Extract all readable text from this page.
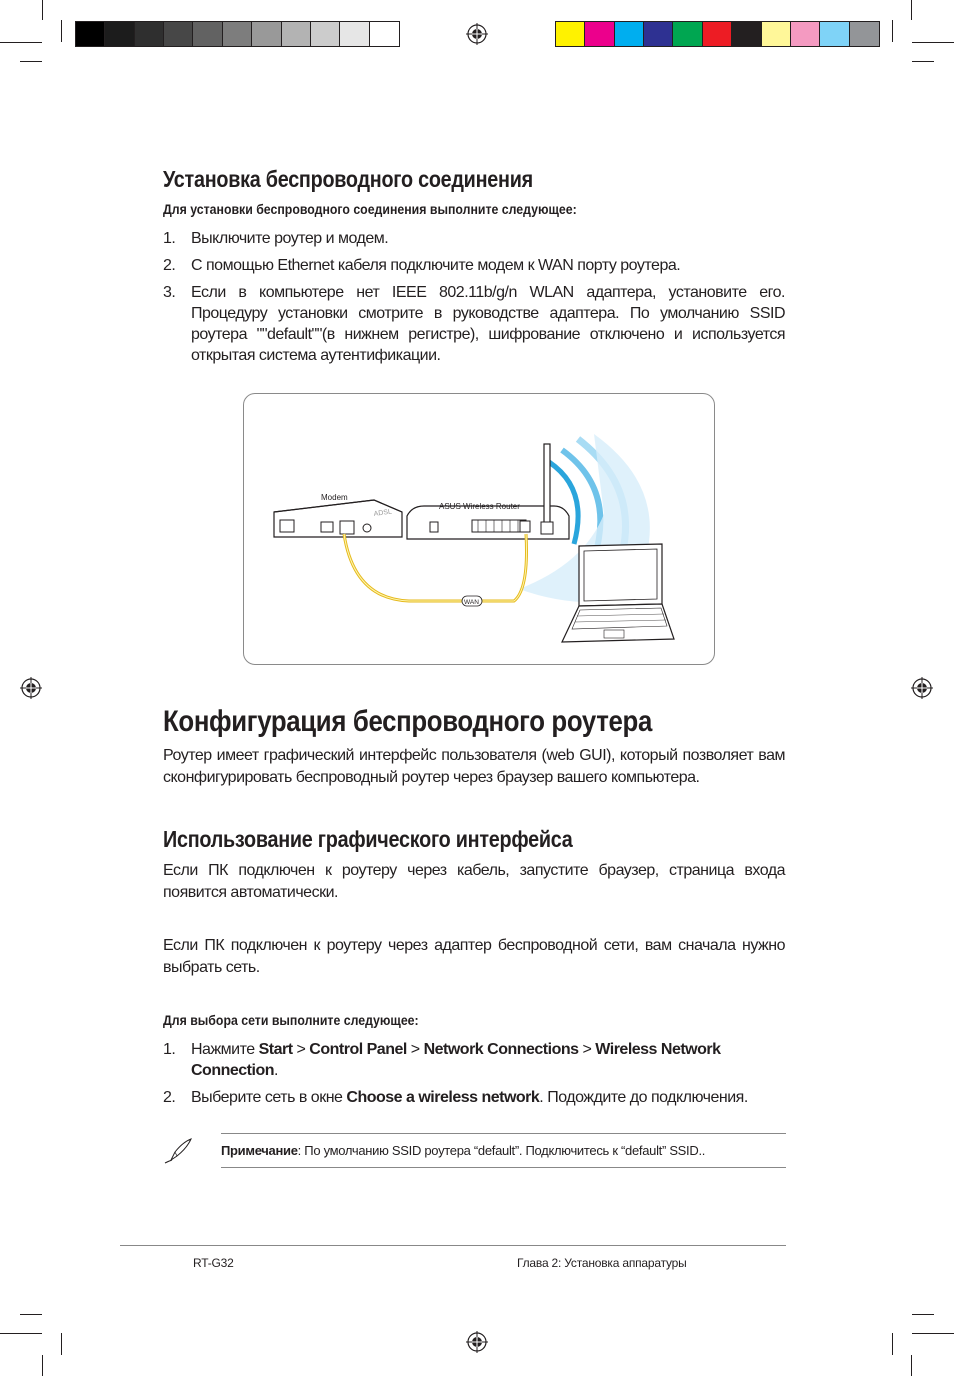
Установка беспроводного соединения
Для установки беспроводного соединения выполните следующее:
1. Выключите роутер и модем.
2. С помощью Ethernet кабеля подключите модем к WAN порту роутера.
3. Если в компьютере нет IEEE 802.11b/g/n WLAN адаптера, установите его. Процедуру установки смотрите в руководстве адаптера. По умолчанию SSID роутера ""default""(в нижнем регистре), шифрование отключено и используется открытая система аутентификации.
Modem
ADSL
ASUS Wireless Router
WAN
Конфигурация беспроводного роутера
Роутер имеет графический интерфейс пользователя (web GUI), который позволяет вам сконфигурировать беспроводный роутер через браузер вашего компьютера.
Использование графического интерфейса
Если ПК подключен к роутеру через кабель, запустите браузер, страница входа появится автоматически.
Если ПК подключен к роутеру через адаптер беспроводной сети, вам сначала нужно выбрать сеть.
Для выбора сети выполните следующее:
1. Нажмите Start > Control Panel > Network Connections > Wireless Network Connection.
2. Выберите сеть в окне Choose a wireless network. Подождите до подключения.
Примечание: По умолчанию SSID роутера “default”. Подключитесь к “default” SSID..
RT-G32	Глава 2: Установка аппаратуры
